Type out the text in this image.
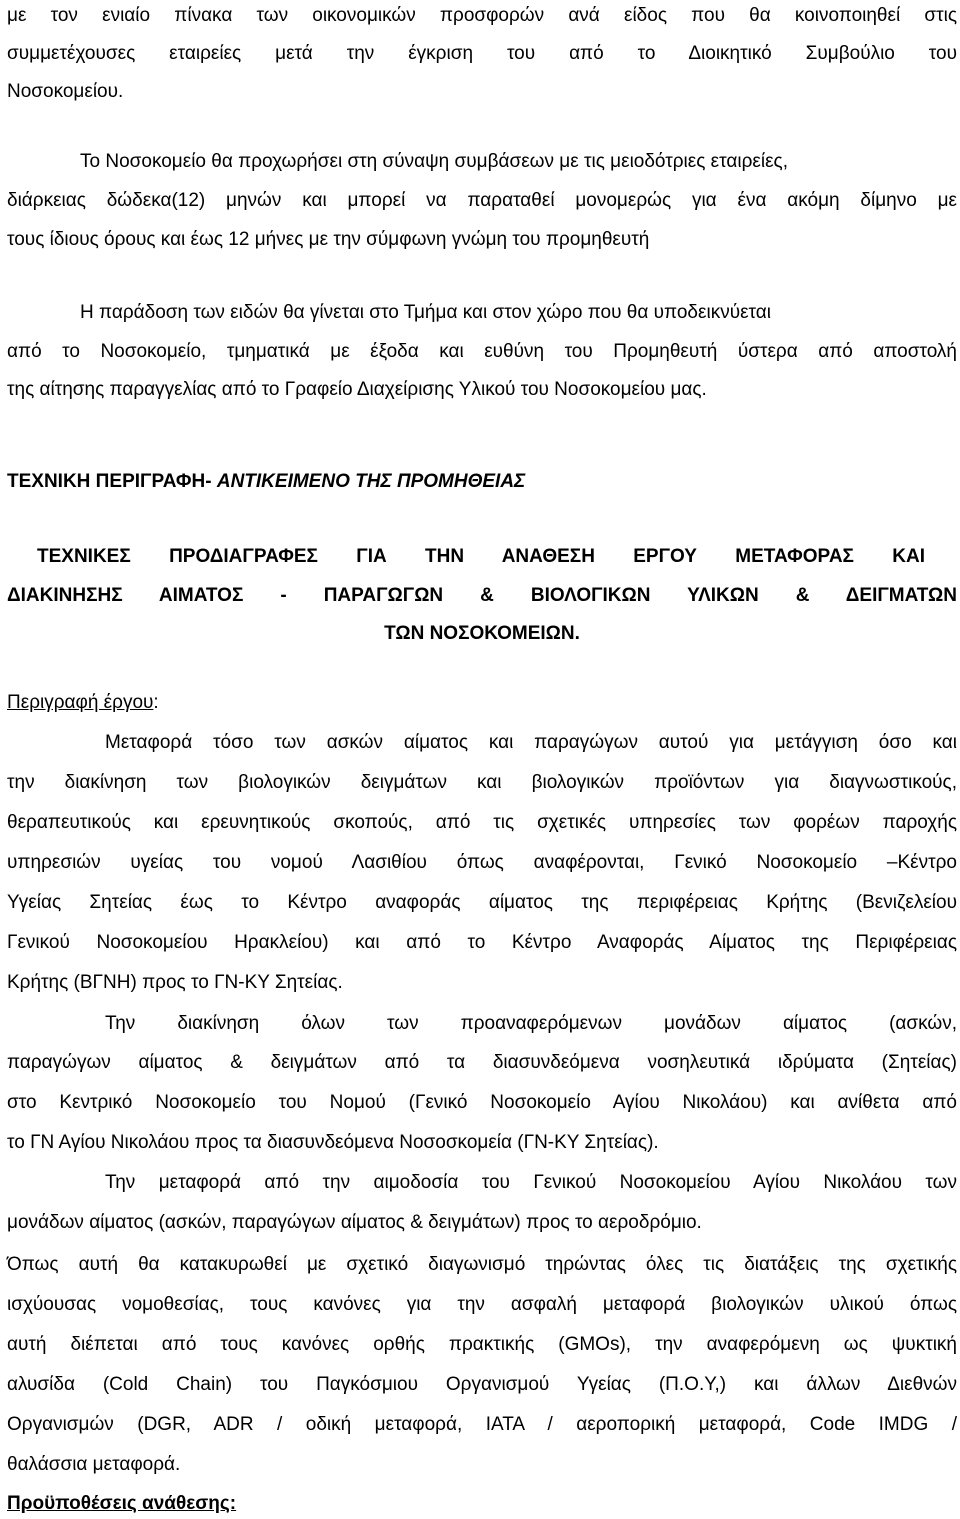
με τον ενιαίο πίνακα των οικονομικών προσφορών ανά είδος που θα κοινοποιηθεί στις
συμμετέχουσες εταιρείες μετά την έγκριση του από το Διοικητικό Συμβούλιο του
Νοσοκομείου.
Το Νοσοκομείο θα προχωρήσει στη σύναψη συμβάσεων με τις μειοδότριες εταιρείες,
διάρκειας δώδεκα(12) μηνών και μπορεί να παραταθεί μονομερώς για ένα ακόμη δίμηνο με
τους ίδιους όρους και έως 12 μήνες με την σύμφωνη γνώμη του προμηθευτή
Η παράδοση των ειδών θα γίνεται στο Τμήμα και στον χώρο που θα υποδεικνύεται
από το Νοσοκομείο, τμηματικά με έξοδα και ευθύνη του Προμηθευτή ύστερα από αποστολή
της αίτησης παραγγελίας από το Γραφείο Διαχείρισης Υλικού του Νοσοκομείου μας.
ΤΕΧΝΙΚΗ ΠΕΡΙΓΡΑΦΗ- ΑΝΤΙΚΕΙΜΕΝΟ ΤΗΣ ΠΡΟΜΗΘΕΙΑΣ
ΤΕΧΝΙΚΕΣ ΠΡΟΔΙΑΓΡΑΦΕΣ ΓΙΑ ΤΗΝ ΑΝΑΘΕΣΗ ΕΡΓΟΥ ΜΕΤΑΦΟΡΑΣ ΚΑΙ
ΔΙΑΚΙΝΗΣΗΣ ΑΙΜΑΤΟΣ - ΠΑΡΑΓΩΓΩΝ & ΒΙΟΛΟΓΙΚΩΝ ΥΛΙΚΩΝ & ΔΕΙΓΜΑΤΩΝ
ΤΩΝ ΝΟΣΟΚΟΜΕΙΩΝ.
Περιγραφή έργου:
Μεταφορά τόσο των ασκών αίματος και παραγώγων αυτού για μετάγγιση όσο και
την διακίνηση των βιολογικών δειγμάτων και βιολογικών προϊόντων για διαγνωστικούς,
θεραπευτικούς και ερευνητικούς σκοπούς, από τις σχετικές υπηρεσίες των φορέων παροχής
υπηρεσιών υγείας του νομού Λασιθίου όπως αναφέρονται, Γενικό Νοσοκομείο –Κέντρο
Υγείας Σητείας έως το Κέντρο αναφοράς αίματος της περιφέρειας Κρήτης (Βενιζελείου
Γενικού Νοσοκομείου Ηρακλείου) και από το Κέντρο Αναφοράς Αίματος της Περιφέρειας
Κρήτης (ΒΓΝΗ) προς το ΓΝ-ΚΥ Σητείας.
Την διακίνηση όλων των προαναφερόμενων μονάδων αίματος (ασκών,
παραγώγων αίματος & δειγμάτων από τα διασυνδεόμενα νοσηλευτικά ιδρύματα (Σητείας)
στο Κεντρικό Νοσοκομείο του Νομού (Γενικό Νοσοκομείο Αγίου Νικολάου) και ανίθετα από
το ΓΝ Αγίου Νικολάου προς τα διασυνδεόμενα Νοσοσκομεία (ΓΝ-ΚΥ Σητείας).
Την μεταφορά από την αιμοδοσία του Γενικού Νοσοκομείου Αγίου Νικολάου των
μονάδων αίματος (ασκών, παραγώγων αίματος & δειγμάτων) προς το αεροδρόμιο.
Όπως αυτή θα κατακυρωθεί με σχετικό διαγωνισμό τηρώντας όλες τις διατάξεις της σχετικής
ισχύουσας νομοθεσίας, τους κανόνες για την ασφαλή μεταφορά βιολογικών υλικού όπως
αυτή διέπεται από τους κανόνες ορθής πρακτικής (GMOs), την αναφερόμενη ως ψυκτική
αλυσίδα (Cold Chain) του Παγκόσμιου Οργανισμού Υγείας (Π.Ο.Υ,) και άλλων Διεθνών
Οργανισμών (DGR, ADR / οδική μεταφορά, ΙΑΤΑ / αεροπορική μεταφορά, Code IMDG /
θαλάσσια μεταφορά.
Προϋποθέσεις ανάθεσης:
